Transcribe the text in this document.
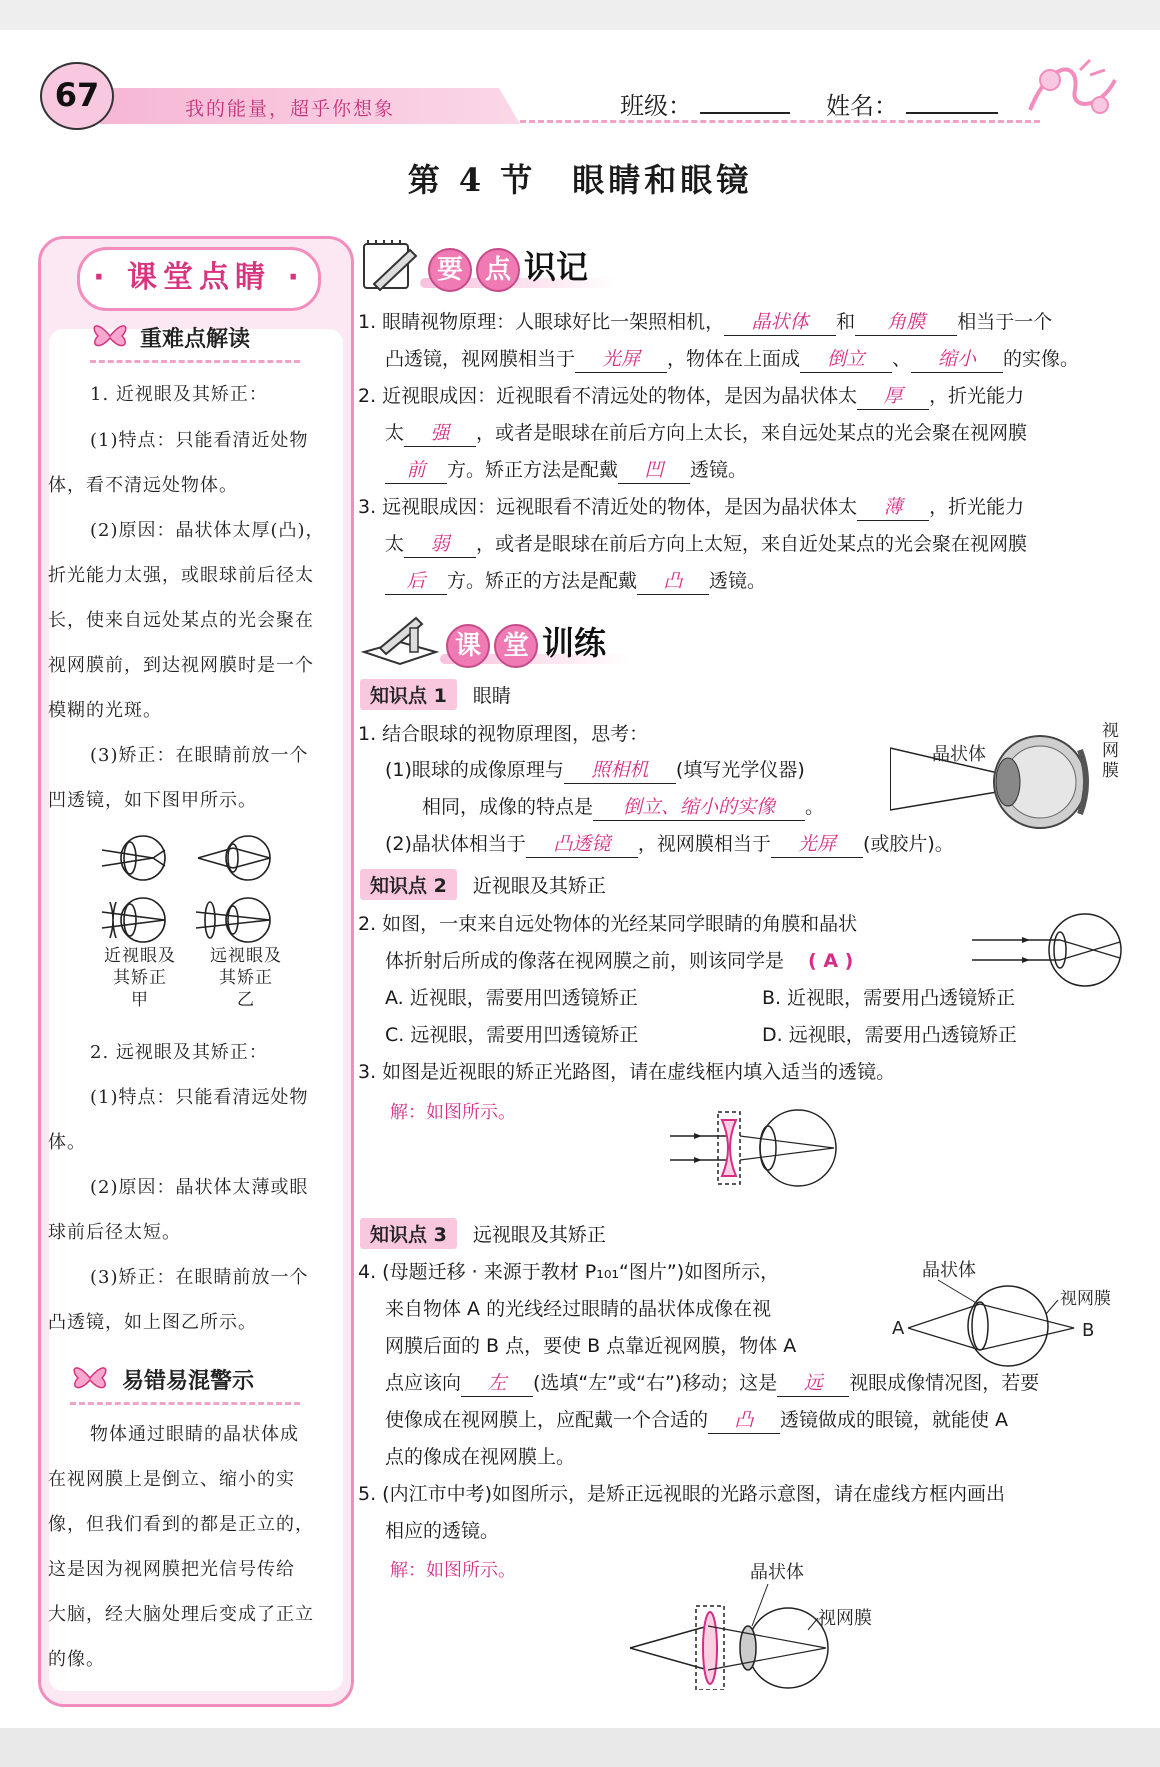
67	我的能量，超乎你想象	班级：	姓名：
第 4 节　眼睛和眼镜
· 课堂点睛 ·
重难点解读
1. 近视眼及其矫正：
(1)特点：只能看清近处物
体，看不清远处物体。
(2)原因：晶状体太厚(凸)，
折光能力太强，或眼球前后径太
长，使来自远处某点的光会聚在
视网膜前，到达视网膜时是一个
模糊的光斑。
(3)矫正：在眼睛前放一个
凹透镜，如下图甲所示。
近视眼及
其矫正
甲
远视眼及
其矫正
乙
2. 远视眼及其矫正：
(1)特点：只能看清远处物
体。
(2)原因：晶状体太薄或眼
球前后径太短。
(3)矫正：在眼睛前放一个
凸透镜，如上图乙所示。
易错易混警示
物体通过眼睛的晶状体成
在视网膜上是倒立、缩小的实
像，但我们看到的都是正立的，
这是因为视网膜把光信号传给
大脑，经大脑处理后变成了正立
的像。
要 点 识记
1. 眼睛视物原理：人眼球好比一架照相机， 晶状体 和 角膜 相当于一个
凸透镜，视网膜相当于 光屏 ，物体在上面成 倒立 、 缩小 的实像。
2. 近视眼成因：近视眼看不清远处的物体，是因为晶状体太 厚 ，折光能力
太 强 ，或者是眼球在前后方向上太长，来自远处某点的光会聚在视网膜
前 方。矫正方法是配戴 凹 透镜。
3. 远视眼成因：远视眼看不清近处的物体，是因为晶状体太 薄 ，折光能力
太 弱 ，或者是眼球在前后方向上太短，来自近处某点的光会聚在视网膜
后 方。矫正的方法是配戴 凸 透镜。
课 堂 训练
知识点 1 眼睛
1. 结合眼球的视物原理图，思考：
(1)眼球的成像原理与 照相机 (填写光学仪器)
相同，成像的特点是 倒立、缩小的实像 。
(2)晶状体相当于 凸透镜 ，视网膜相当于 光屏 (或胶片)。
晶状体
视
网
膜
知识点 2 近视眼及其矫正
2. 如图，一束来自远处物体的光经某同学眼睛的角膜和晶状
体折射后所成的像落在视网膜之前，则该同学是 ( A )
A. 近视眼，需要用凹透镜矫正	B. 近视眼，需要用凸透镜矫正
C. 远视眼，需要用凹透镜矫正	D. 远视眼，需要用凸透镜矫正
3. 如图是近视眼的矫正光路图，请在虚线框内填入适当的透镜。
解：如图所示。
知识点 3 远视眼及其矫正
4. (母题迁移 · 来源于教材 P₁₀₁“图片”)如图所示，
来自物体 A 的光线经过眼睛的晶状体成像在视
网膜后面的 B 点，要使 B 点靠近视网膜，物体 A
点应该向 左 (选填“左”或“右”)移动；这是 远 视眼成像情况图，若要
使像成在视网膜上，应配戴一个合适的 凸 透镜做成的眼镜，就能使 A
点的像成在视网膜上。
晶状体
视网膜
A	B
5. (内江市中考)如图所示，是矫正远视眼的光路示意图，请在虚线方框内画出
相应的透镜。
解：如图所示。	晶状体
视网膜
